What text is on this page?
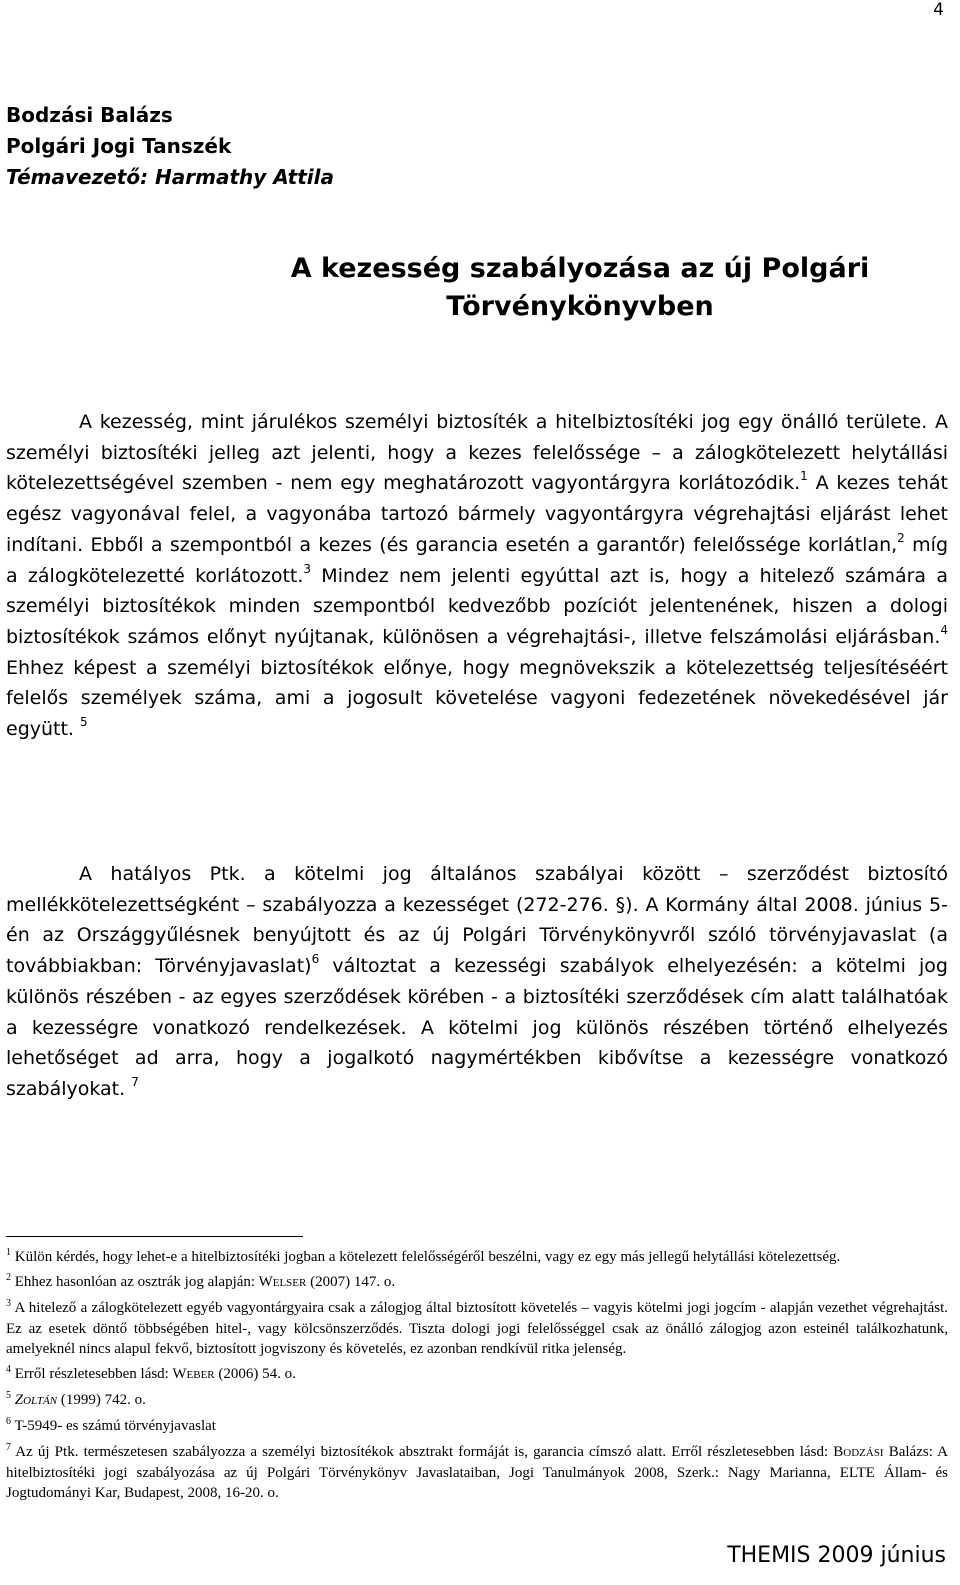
4
Bodzási Balázs
Polgári Jogi Tanszék
Témavezető: Harmathy Attila
A kezesség szabályozása az új Polgári
Törvénykönyvben

A kezesség, mint járulékos személyi biztosíték a hitelbiztosítéki jog egy önálló területe. A személyi biztosítéki jelleg azt jelenti, hogy a kezes felelőssége – a zálogkötelezett helytállási kötelezettségével szemben - nem egy meghatározott vagyontárgyra korlátozódik.$^1$ A kezes tehát egész vagyonával felel, a vagyonába tartozó bármely vagyontárgyra végrehajtási eljárást lehet indítani. Ebből a szempontból a kezes (és garancia esetén a garantőr) felelőssége korlátlan,$^2$ míg a zálogkötelezetté korlátozott.$^3$ Mindez nem jelenti egyúttal azt is, hogy a hitelező számára a személyi biztosítékok minden szempontból kedvezőbb pozíciót jelentenének, hiszen a dologi biztosítékok számos előnyt nyújtanak, különösen a végrehajtási-, illetve felszámolási eljárásban.$^4$ Ehhez képest a személyi biztosítékok előnye, hogy megnövekszik a kötelezettség teljesítéséért felelős személyek száma, ami a jogosult követelése vagyoni fedezetének növekedésével jár együtt. $^5$

A hatályos Ptk. a kötelmi jog általános szabályai között – szerződést biztosító mellékkötelezettségként – szabályozza a kezességet (272-276. §). A Kormány által 2008. június 5-én az Országgyűlésnek benyújtott és az új Polgári Törvénykönyvről szóló törvényjavaslat (a továbbiakban: Törvényjavaslat)$^6$ változtat a kezességi szabályok elhelyezésén: a kötelmi jog különös részében - az egyes szerződések körében - a biztosítéki szerződések cím alatt találhatóak a kezességre vonatkozó rendelkezések. A kötelmi jog különös részében történő elhelyezés lehetőséget ad arra, hogy a jogalkotó nagymértékben kibővítse a kezességre vonatkozó szabályokat. $^7$

$^1$ Külön kérdés, hogy lehet-e a hitelbiztosítéki jogban a kötelezett felelősségéről beszélni, vagy ez egy más jellegű helytállási kötelezettség.

$^2$ Ehhez hasonlóan az osztrák jog alapján: WELSER (2007) 147. o.

$^3$ A hitelező a zálogkötelezett egyéb vagyontárgyaira csak a zálogjog által biztosított követelés – vagyis kötelmi jogi jogcím - alapján vezethet végrehajtást. Ez az esetek döntő többségében hitel-, vagy kölcsönszerződés. Tiszta dologi jogi felelősséggel csak az önálló zálogjog azon esteinél találkozhatunk, amelyeknél nincs alapul fekvő, biztosított jogviszony és követelés, ez azonban rendkívül ritka jelenség.

$^4$ Erről részletesebben lásd: WEBER (2006) 54. o.

$^5$ ZOLTÁN (1999) 742. o.

$^6$ T-5949- es számú törvényjavaslat

$^7$ Az új Ptk. természetesen szabályozza a személyi biztosítékok absztrakt formáját is, garancia címszó alatt. Erről részletesebben lásd: BODZÁSI Balázs: A hitelbiztosítéki jogi szabályozása az új Polgári Törvénykönyv Javaslataiban, Jogi Tanulmányok 2008, Szerk.: Nagy Marianna, ELTE Állam- és Jogtudományi Kar, Budapest, 2008, 16-20. o.

THEMIS 2009 június
